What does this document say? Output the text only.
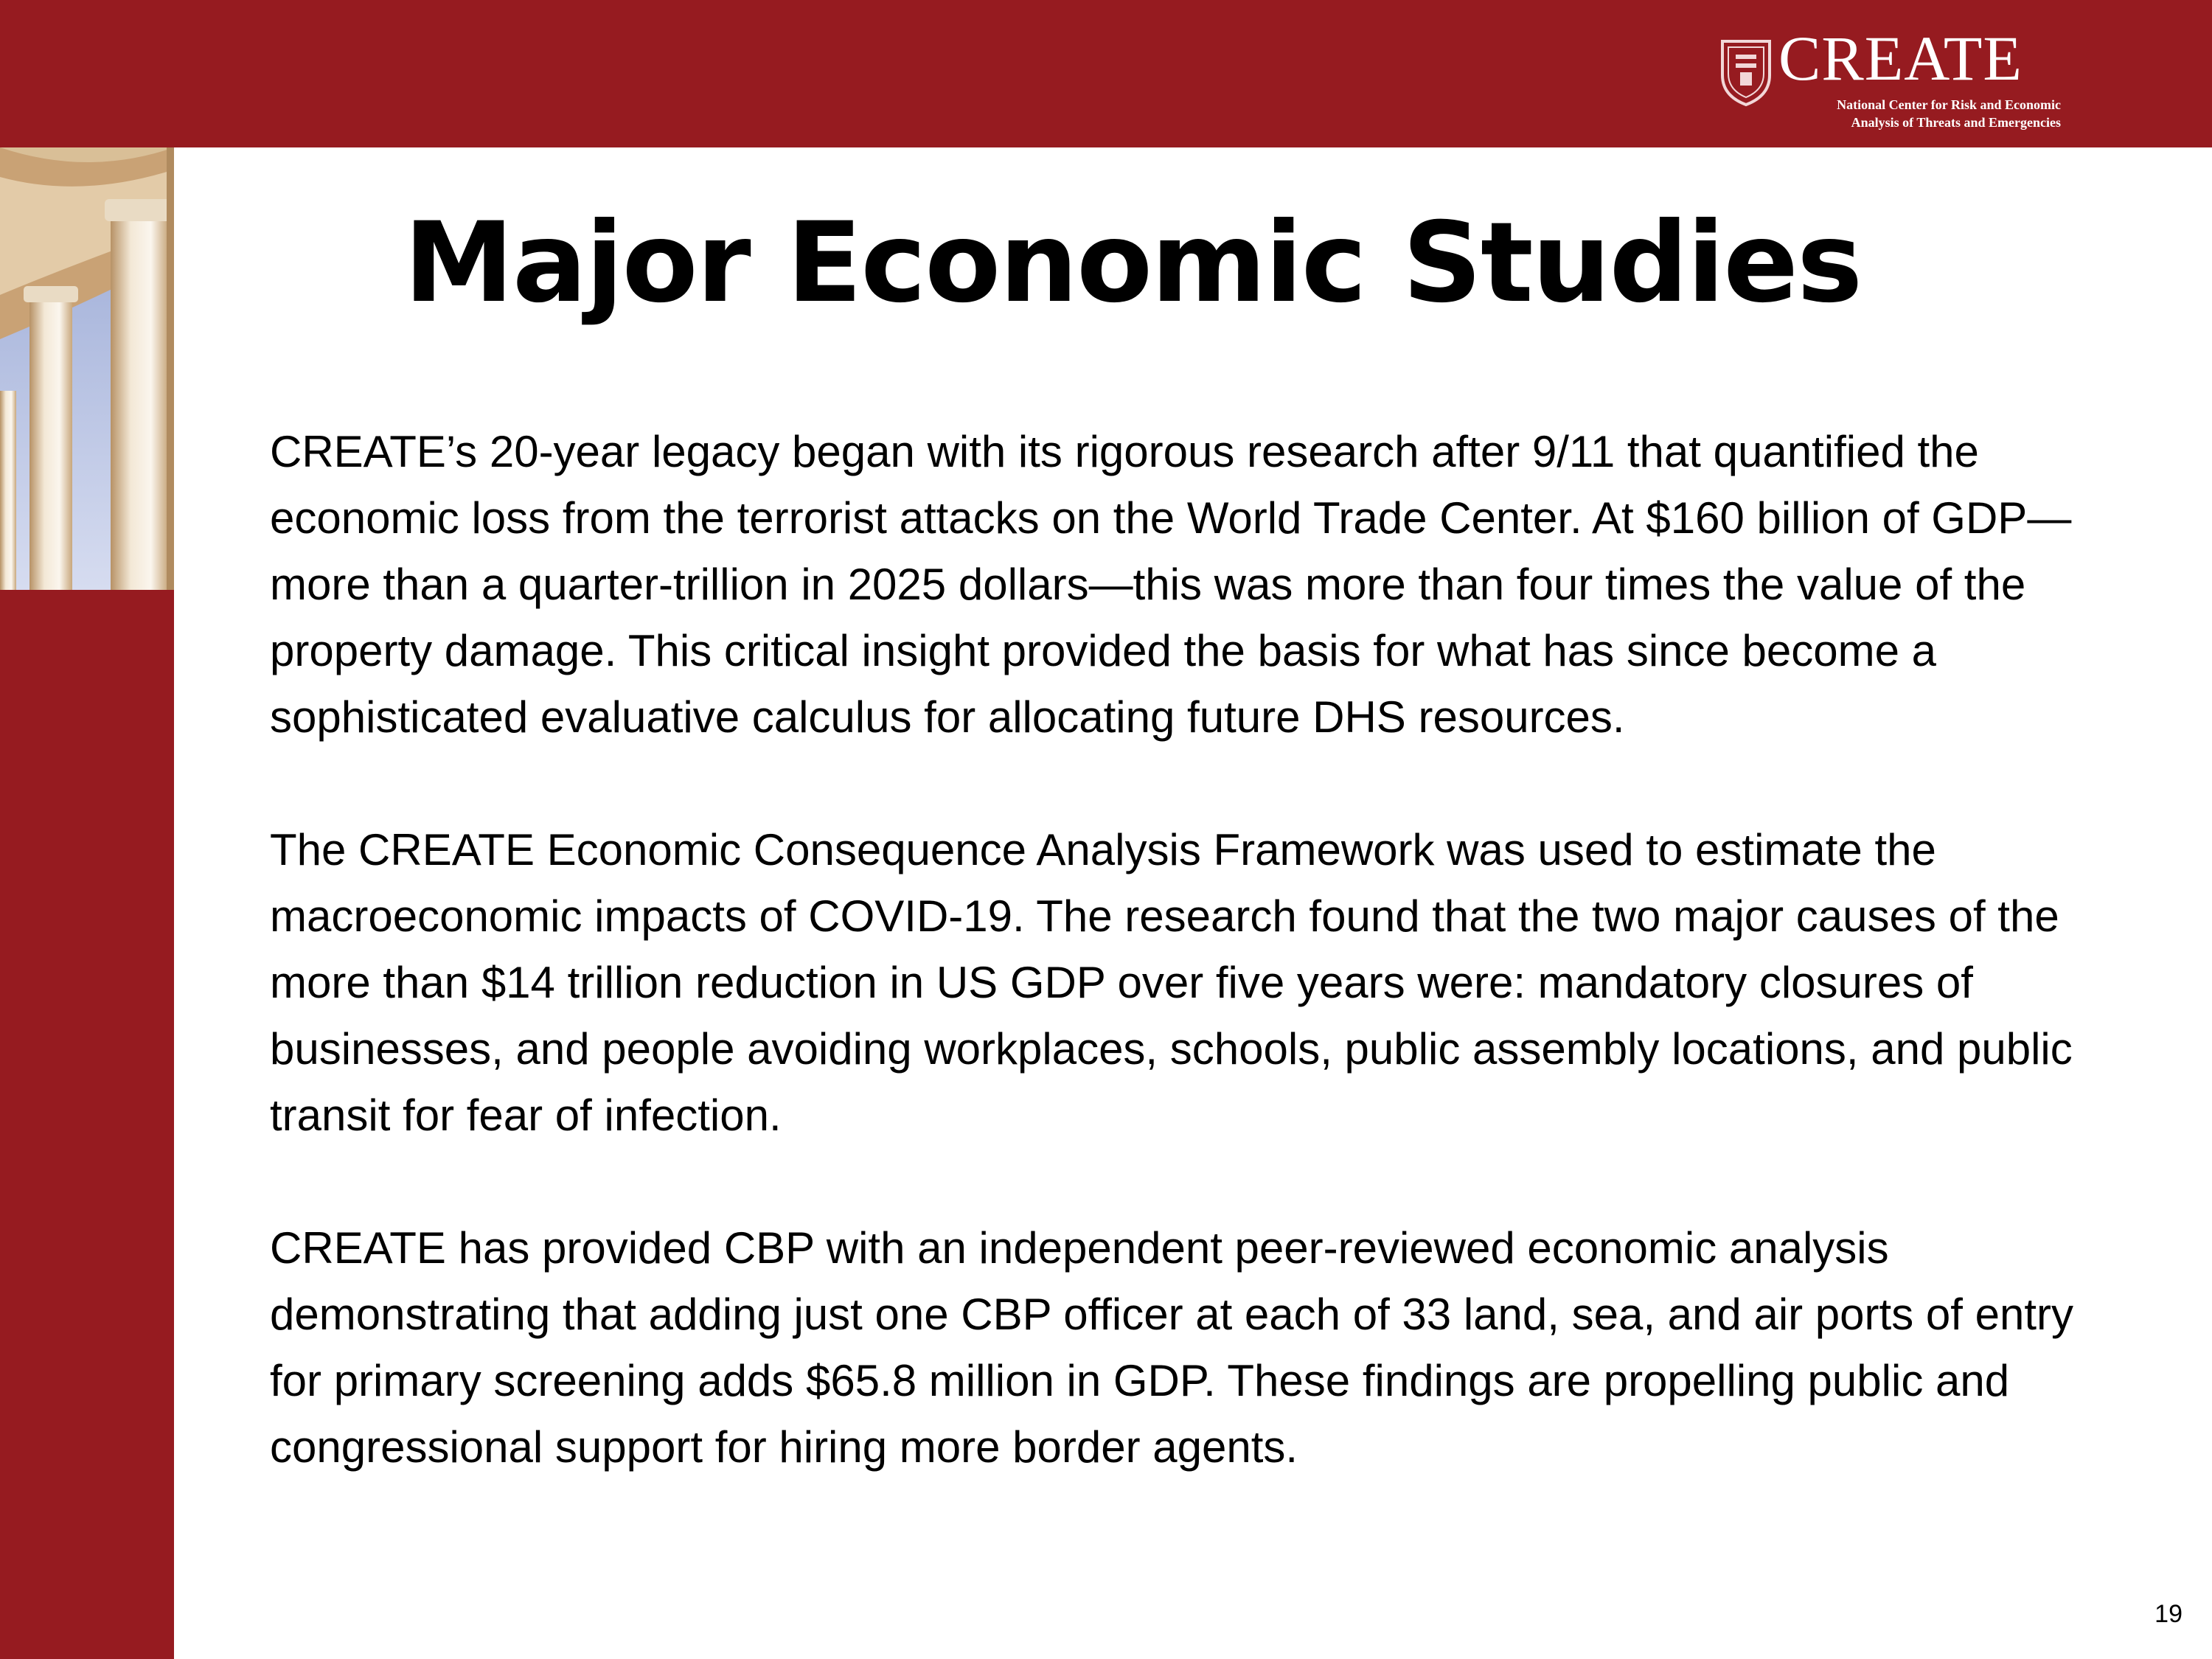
CREATE
National Center for Risk and Economic
Analysis of Threats and Emergencies
Major Economic Studies

CREATE’s 20-year legacy began with its rigorous research after 9/11 that quantified the economic loss from the terrorist attacks on the World Trade Center. At $160 billion of GDP—more than a quarter-trillion in 2025 dollars—this was more than four times the value of the property damage. This critical insight provided the basis for what has since become a sophisticated evaluative calculus for allocating future DHS resources.

The CREATE Economic Consequence Analysis Framework was used to estimate the macroeconomic impacts of COVID-19. The research found that the two major causes of the more than $14 trillion reduction in US GDP over five years were: mandatory closures of businesses, and people avoiding workplaces, schools, public assembly locations, and public transit for fear of infection.

CREATE has provided CBP with an independent peer-reviewed economic analysis demonstrating that adding just one CBP officer at each of 33 land, sea, and air ports of entry for primary screening adds $65.8 million in GDP. These findings are propelling public and congressional support for hiring more border agents.

19
